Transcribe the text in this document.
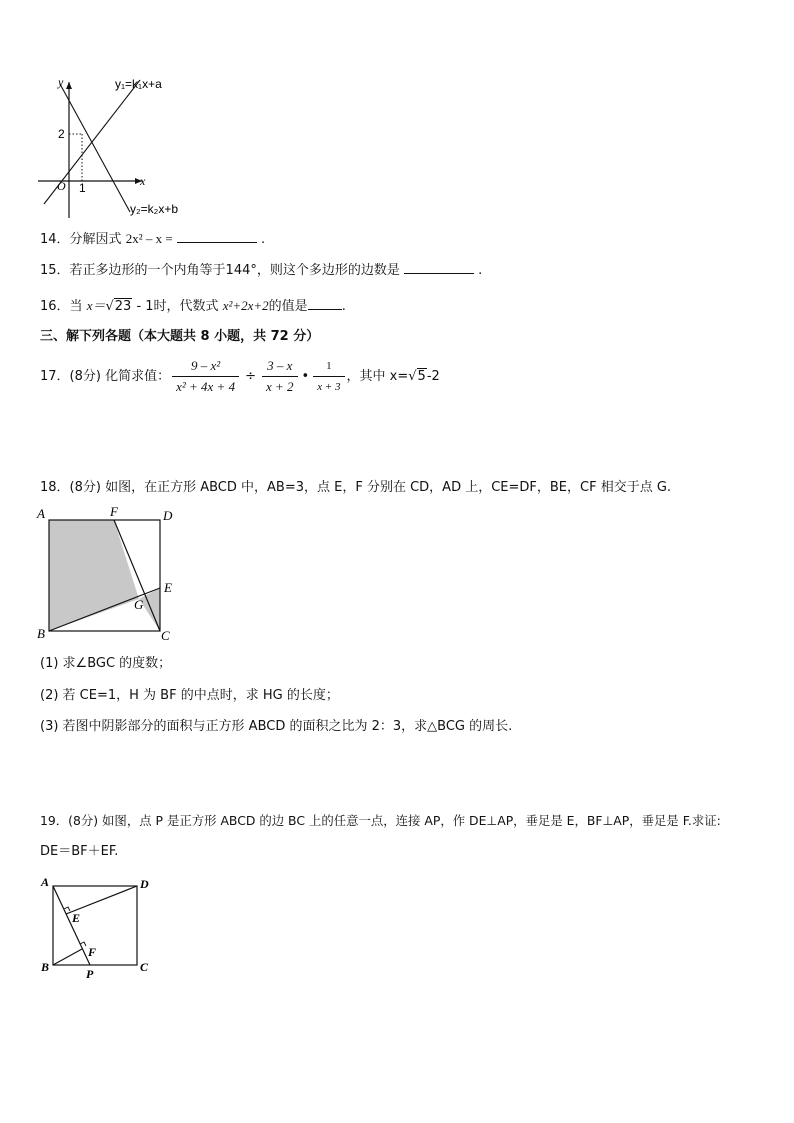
y
x
O 1
2
y₁=k₁x+a
y₂=k₂x+b
14．分解因式 2x² – x =	.
15．若正多边形的一个内角等于144°，则这个多边形的边数是	.
16．当 x＝√23 - 1时，代数式 x²+2x+2的值是	.
三、解下列各题（本大题共 8 小题，共 72 分）
17．(8分) 化简求值： $\frac{\text{9 – x²}}{\text{x² + 4x + 4}} \div \frac{3 - x}{x + 2}$ • $\frac{1}{x + 3}$ ，其中 x= √ 5 -2
18．(8分) 如图，在正方形 ABCD 中，AB=3，点 E，F 分别在 CD，AD 上，CE=DF，BE，CF 相交于点 G.
A	F	D
E
G
B	C
(1) 求∠BGC 的度数；
(2) 若 CE=1，H 为 BF 的中点时，求 HG 的长度；
(3) 若图中阴影部分的面积与正方形 ABCD 的面积之比为 2：3，求△BCG 的周长.
19．(8分) 如图，点 P 是正方形 ABCD 的边 BC 上的任意一点，连接 AP，作 DE⊥AP，垂足是 E，BF⊥AP，垂足是 F.求证:
DE＝BF＋EF.
A	D
E
F
B	P	C
